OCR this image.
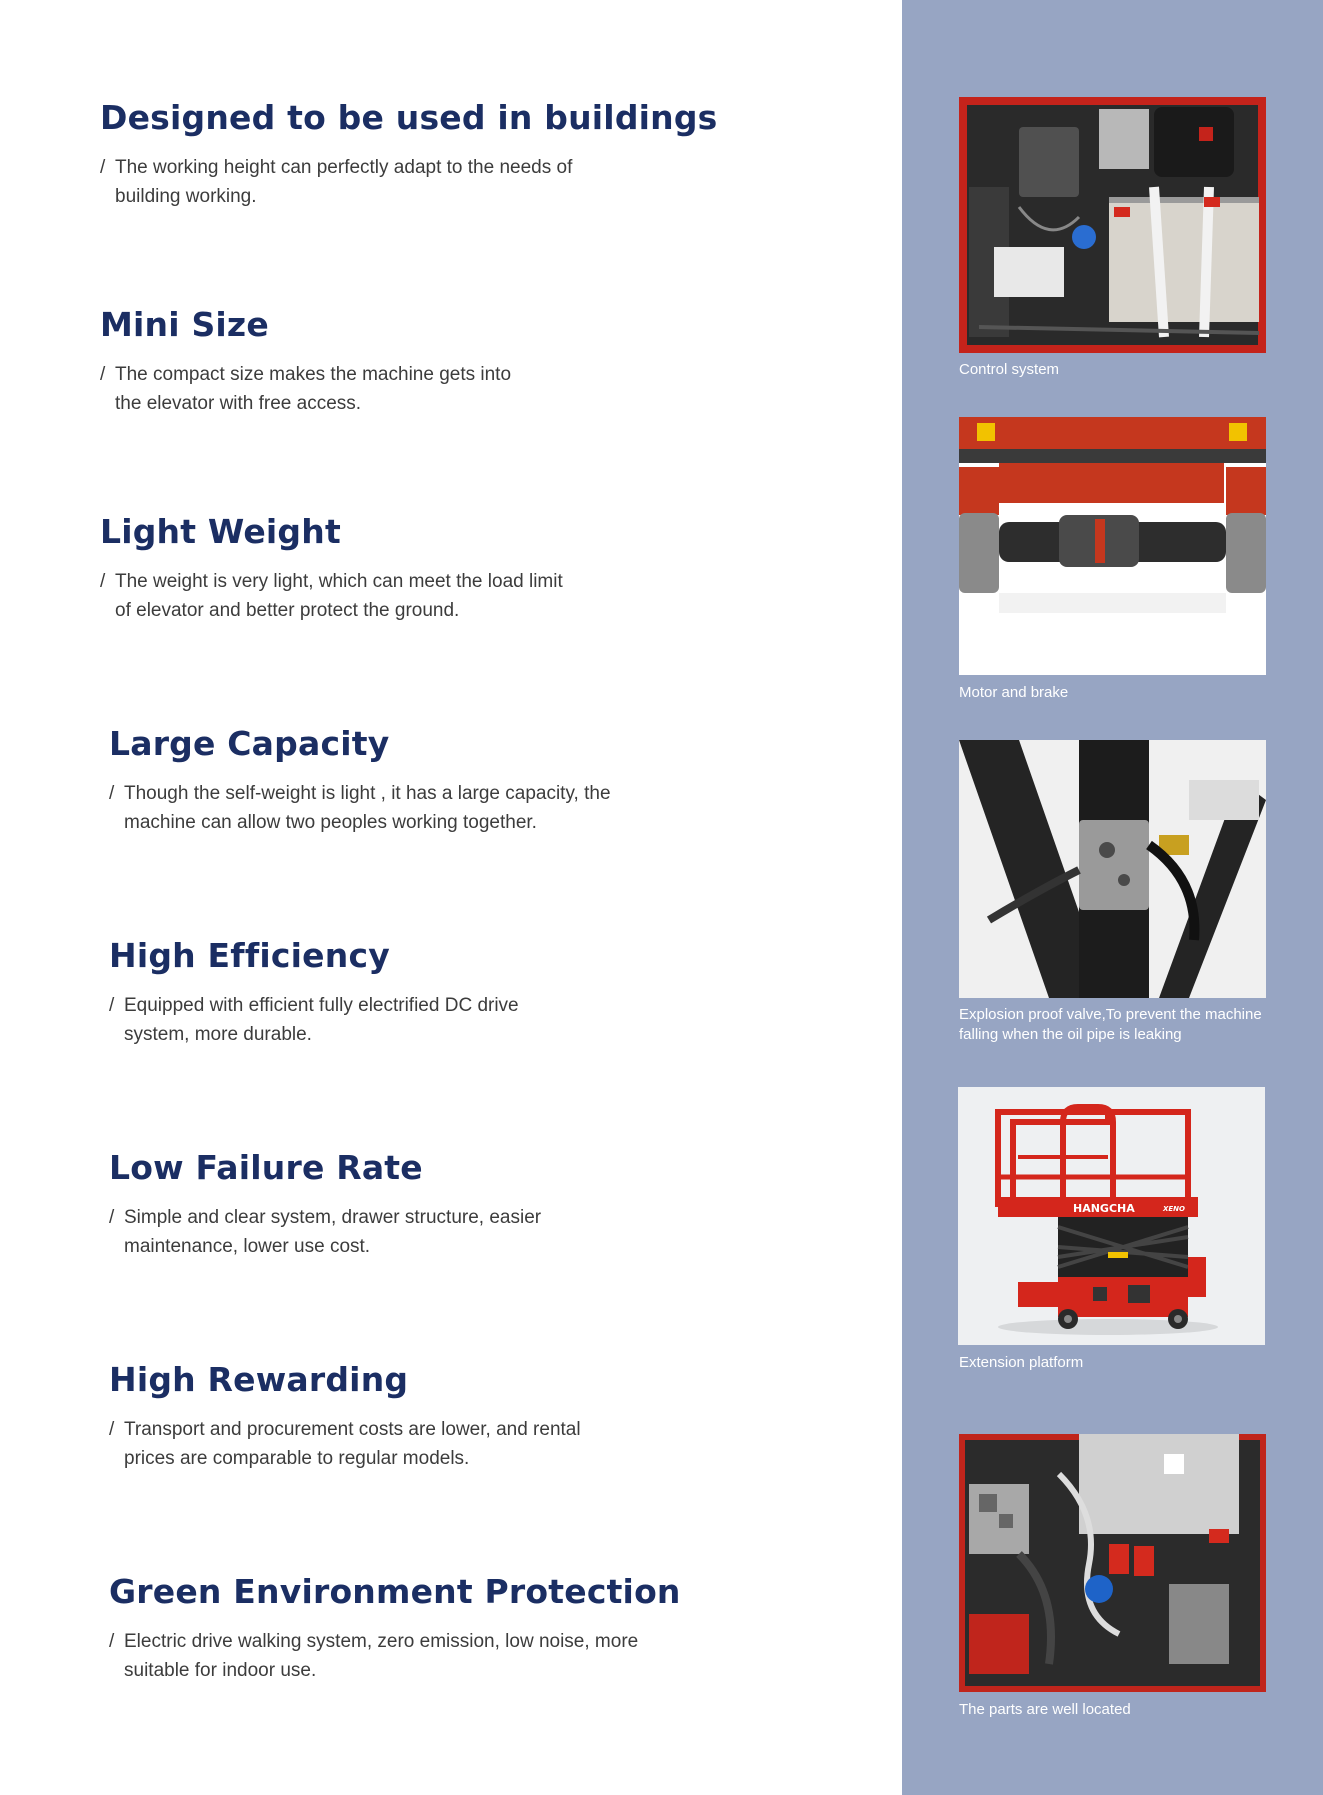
Designed to be used in buildings
/ The working height can perfectly adapt to the needs of
building working.
Mini Size
/ The compact size makes the machine gets into
the elevator with free access.
Light Weight
/ The weight is very light, which can meet the load limit
of elevator and better protect the ground.
Large Capacity
/ Though the self-weight is light , it has a large capacity, the
machine can allow two peoples working together.
High Efficiency
/ Equipped with efficient fully electrified DC drive
system, more durable.
Low Failure Rate
/ Simple and clear system, drawer structure, easier
maintenance, lower use cost.
High Rewarding
/ Transport and procurement costs are lower, and rental
prices are comparable to regular models.
Green Environment Protection
/ Electric drive walking system, zero emission, low noise, more
suitable for indoor use.
Control system
Motor and brake
Explosion proof valve,To prevent the machine
falling when the oil pipe is leaking
HANGCHA	XENO
Extension platform
The parts are well located
